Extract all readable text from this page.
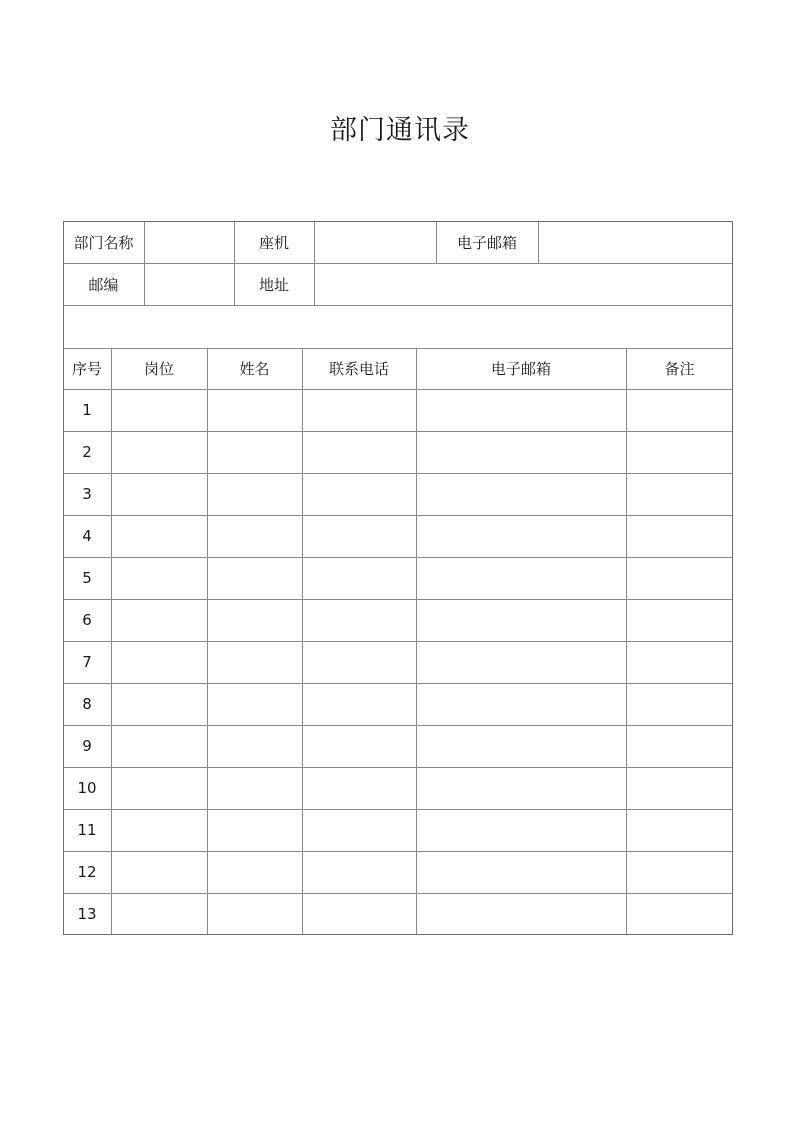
部门通讯录
部门名称	座机	电子邮箱
邮编	地址
序号	岗位	姓名	联系电话	电子邮箱	备注
1
2
3
4
5
6
7
8
9
10
11
12
13
